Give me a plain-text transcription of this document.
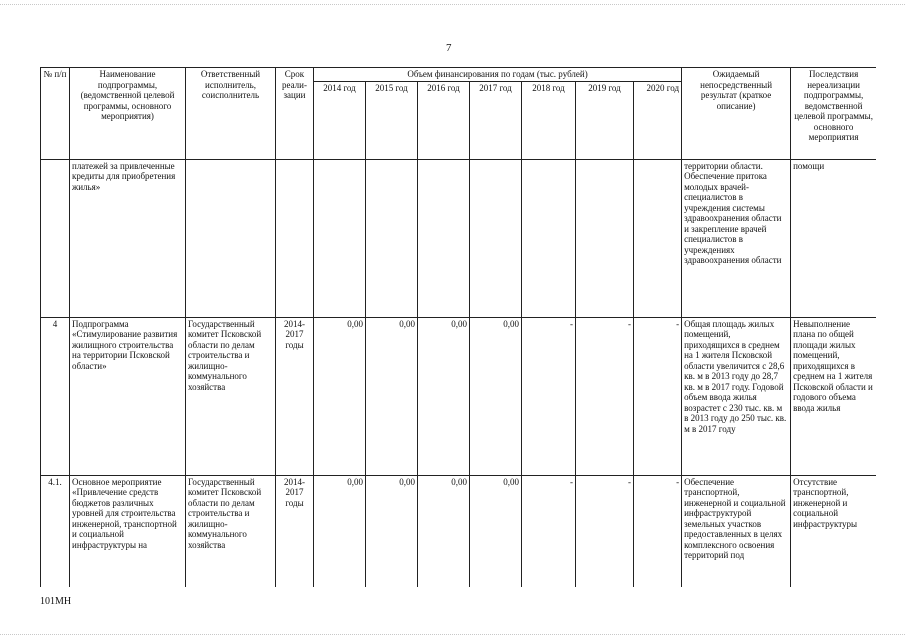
7
№ п/п	Наименование подпрограммы, (ведомственной целевой программы, основного мероприятия)	Ответственный исполнитель, соисполнитель	Срок реали-зации	Объем финансирования по годам (тыс. рублей)							Ожидаемый непосредственный результат (краткое описание)	Последствия нереализации подпрограммы, ведомственной целевой программы, основного мероприятия
				2014 год	2015 год	2016 год	2017 год	2018 год	2019 год	2020 год		
	платежей за привлеченные кредиты для приобретения жилья»										территории области. Обеспечение притока молодых врачей-специалистов в учреждения системы здравоохранения области и закрепление врачей специалистов в учреждениях здравоохранения области	помощи
4	Подпрограмма «Стимулирование развития жилищного строительства на территории Псковской области»	Государственный комитет Псковской области по делам строительства и жилищно-коммунального хозяйства	2014-2017 годы	0,00	0,00	0,00	0,00	-	-	-	Общая площадь жилых помещений, приходящихся в среднем на 1 жителя Псковской области увеличится с 28,6 кв. м в 2013 году до 28,7 кв. м в 2017 году. Годовой объем ввода жилья возрастет с 230 тыс. кв. м в 2013 году до 250 тыс. кв. м в 2017 году	Невыполнение плана по общей площади жилых помещений, приходящихся в среднем на 1 жителя Псковской области и годового объема ввода жилья
4.1.	Основное мероприятие «Привлечение средств бюджетов различных уровней для строительства инженерной, транспортной и социальной инфраструктуры на	Государственный комитет Псковской области по делам строительства и жилищно-коммунального хозяйства	2014-2017 годы	0,00	0,00	0,00	0,00	-	-	-	Обеспечение транспортной, инженерной и социальной инфраструктурой земельных участков предоставленных в целях комплексного освоения территорий под	Отсутствие транспортной, инженерной и социальной инфраструктуры
101МН
